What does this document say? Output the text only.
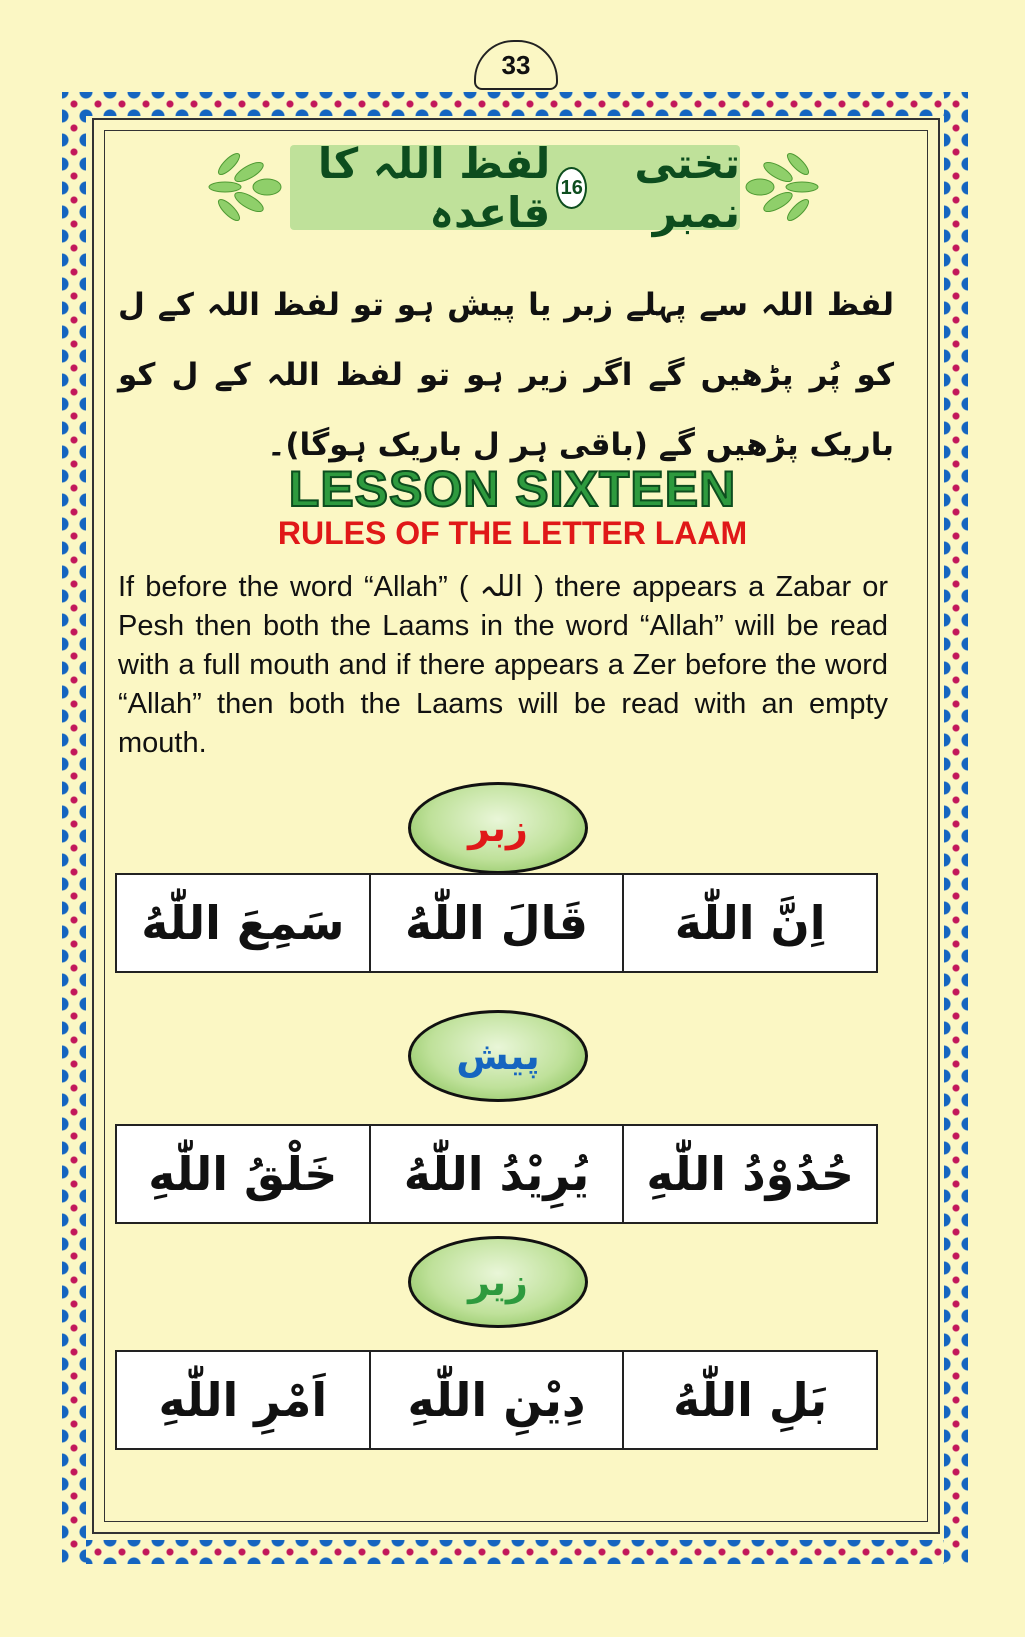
33
تختی نمبر
16
لفظ اللہ کا قاعدہ
لفظ اللہ سے پہلے زبر یا پیش ہو تو لفظ اللہ کے ل کو پُر پڑھیں گے اگر زیر ہو تو لفظ اللہ کے ل کو باریک پڑھیں گے (باقی ہر ل باریک ہوگا)۔
LESSON SIXTEEN
RULES OF THE LETTER LAAM
If before the word “Allah” ( اللہ ) there appears a Zabar or Pesh then both the Laams in the word “Allah” will be read with a full mouth and if there appears a Zer before the word “Allah” then both the Laams will be read with an empty mouth.
زبر
اِنَّ اللّٰهَ
قَالَ اللّٰهُ
سَمِعَ اللّٰهُ
پیش
حُدُوْدُ اللّٰهِ
يُرِيْدُ اللّٰهُ
خَلْقُ اللّٰهِ
زیر
بَلِ اللّٰهُ
دِيْنِ اللّٰهِ
اَمْرِ اللّٰهِ
